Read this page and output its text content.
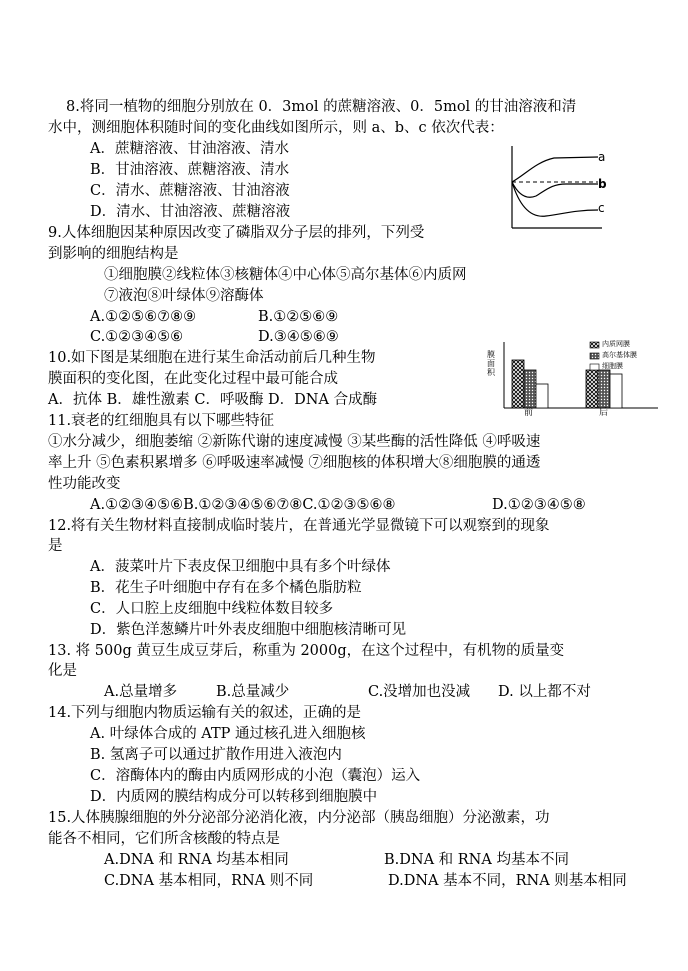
8.将同一植物的细胞分别放在 0．3mol 的蔗糖溶液、0．5mol 的甘油溶液和清
水中，测细胞体积随时间的变化曲线如图所示，则 a、b、c 依次代表：
A．蔗糖溶液、甘油溶液、清水
B．甘油溶液、蔗糖溶液、清水
C．清水、蔗糖溶液、甘油溶液
D．清水、甘油溶液、蔗糖溶液
a
b
c
9.人体细胞因某种原因改变了磷脂双分子层的排列，下列受
到影响的细胞结构是
①细胞膜②线粒体③核糖体④中心体⑤高尔基体⑥内质网
⑦液泡⑧叶绿体⑨溶酶体
A.①②⑤⑥⑦⑧⑨	B.①②⑤⑥⑨
C.①②③④⑤⑥	D.③④⑤⑥⑨
10.如下图是某细胞在进行某生命活动前后几种生物
膜面积的变化图，在此变化过程中最可能合成
A．抗体 B．雄性激素 C．呼吸酶 D．DNA 合成酶
膜面积
内质网膜
高尔基体膜
细胞膜
前	后
11.衰老的红细胞具有以下哪些特征
①水分减少，细胞萎缩 ②新陈代谢的速度减慢 ③某些酶的活性降低 ④呼吸速
率上升 ⑤色素积累增多 ⑥呼吸速率减慢 ⑦细胞核的体积增大⑧细胞膜的通透
性功能改变
A.①②③④⑤⑥B.①②③④⑤⑥⑦⑧C.①②③⑤⑥⑧	D.①②③④⑤⑧
12.将有关生物材料直接制成临时装片，在普通光学显微镜下可以观察到的现象
是
A．菠菜叶片下表皮保卫细胞中具有多个叶绿体
B．花生子叶细胞中存有在多个橘色脂肪粒
C．人口腔上皮细胞中线粒体数目较多
D．紫色洋葱鳞片叶外表皮细胞中细胞核清晰可见
13. 将 500g 黄豆生成豆芽后，称重为 2000g，在这个过程中，有机物的质量变
化是
A.总量增多	B.总量减少	C.没增加也没减 D. 以上都不对
14.下列与细胞内物质运输有关的叙述，正确的是
A. 叶绿体合成的 ATP 通过核孔进入细胞核
B. 氢离子可以通过扩散作用进入液泡内
C．溶酶体内的酶由内质网形成的小泡（囊泡）运入
D．内质网的膜结构成分可以转移到细胞膜中
15.人体胰腺细胞的外分泌部分泌消化液，内分泌部（胰岛细胞）分泌激素，功
能各不相同，它们所含核酸的特点是
A.DNA 和 RNA 均基本相同	B.DNA 和 RNA 均基本不同
C.DNA 基本相同，RNA 则不同	D.DNA 基本不同，RNA 则基本相同
